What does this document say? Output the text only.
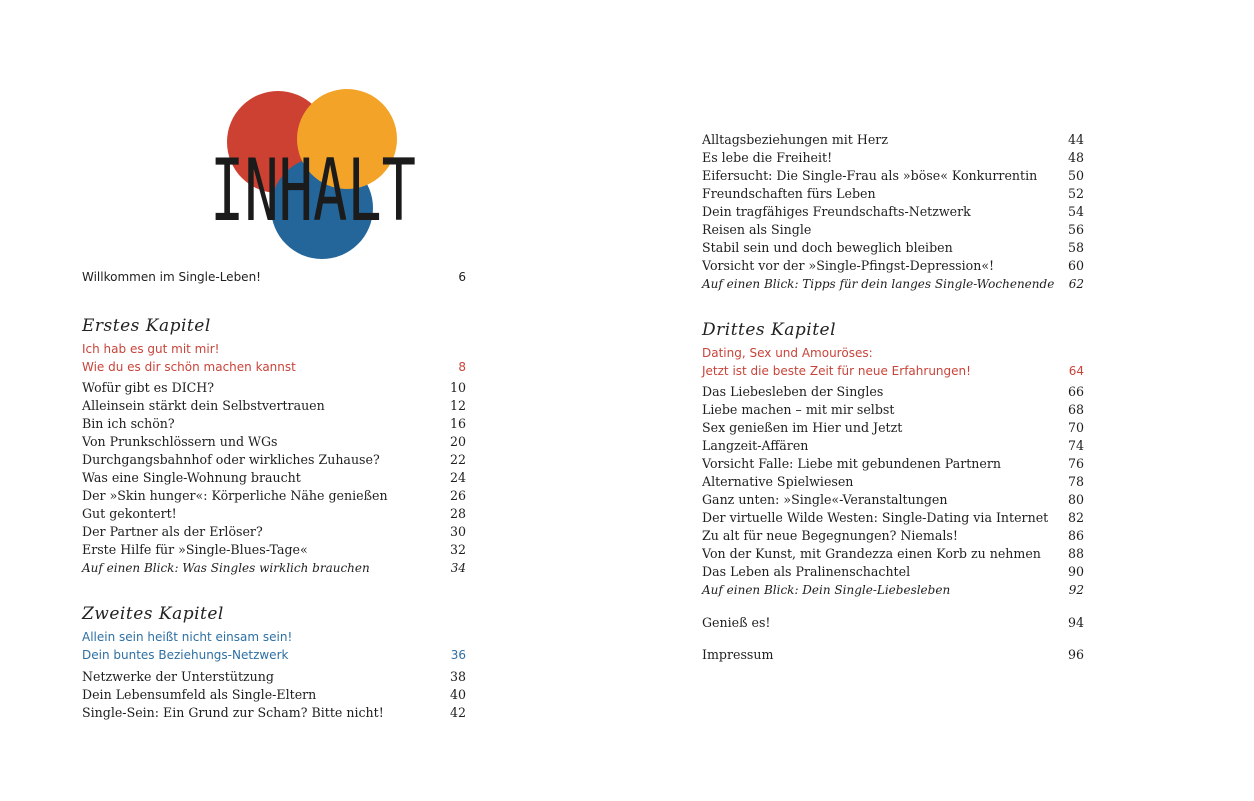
INHALT
Willkommen im Single-Leben!	6
Erstes Kapitel
Ich hab es gut mit mir!
Wie du es dir schön machen kannst	8
Wofür gibt es DICH?	10
Alleinsein stärkt dein Selbstvertrauen	12
Bin ich schön?	16
Von Prunkschlössern und WGs	20
Durchgangsbahnhof oder wirkliches Zuhause?	22
Was eine Single-Wohnung braucht	24
Der »Skin hunger«: Körperliche Nähe genießen	26
Gut gekontert!	28
Der Partner als der Erlöser?	30
Erste Hilfe für »Single-Blues-Tage«	32
Auf einen Blick: Was Singles wirklich brauchen	34
Zweites Kapitel
Allein sein heißt nicht einsam sein!
Dein buntes Beziehungs-Netzwerk	36
Netzwerke der Unterstützung	38
Dein Lebensumfeld als Single-Eltern	40
Single-Sein: Ein Grund zur Scham? Bitte nicht!	42
Alltagsbeziehungen mit Herz	44
Es lebe die Freiheit!	48
Eifersucht: Die Single-Frau als »böse« Konkurrentin 50
Freundschaften fürs Leben	52
Dein tragfähiges Freundschafts-Netzwerk	54
Reisen als Single	56
Stabil sein und doch beweglich bleiben	58
Vorsicht vor der »Single-Pfingst-Depression«!	60
Auf einen Blick: Tipps für dein langes Single-Wochenende 62
Drittes Kapitel
Dating, Sex und Amouröses:
Jetzt ist die beste Zeit für neue Erfahrungen!	64
Das Liebesleben der Singles	66
Liebe machen – mit mir selbst	68
Sex genießen im Hier und Jetzt	70
Langzeit-Affären	74
Vorsicht Falle: Liebe mit gebundenen Partnern	76
Alternative Spielwiesen	78
Ganz unten: »Single«-Veranstaltungen	80
Der virtuelle Wilde Westen: Single-Dating via Internet 82
Zu alt für neue Begegnungen? Niemals!	86
Von der Kunst, mit Grandezza einen Korb zu nehmen 88
Das Leben als Pralinenschachtel	90
Auf einen Blick: Dein Single-Liebesleben	92
Genieß es!	94
Impressum	96
